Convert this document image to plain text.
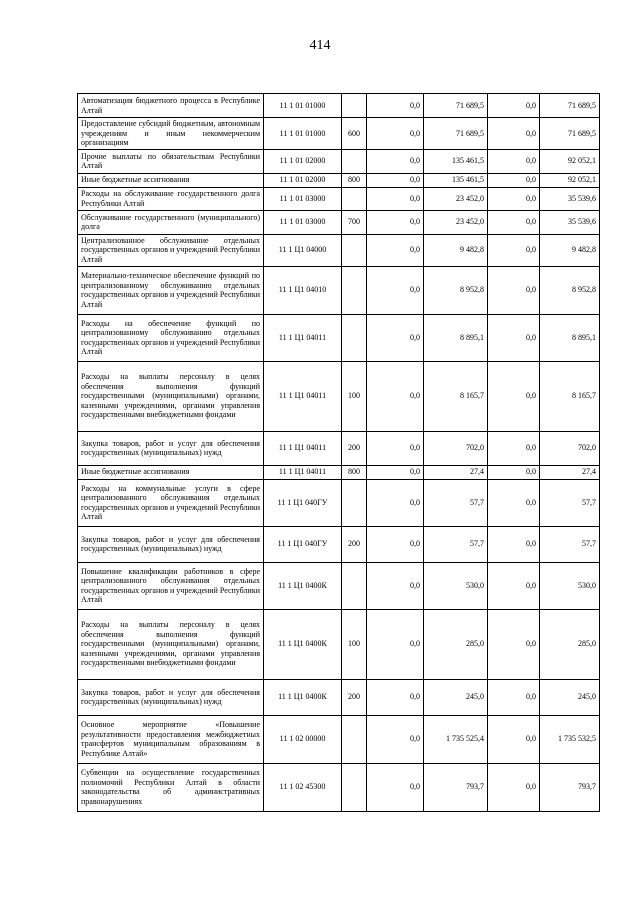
414
Автоматизация бюджетного процесса в Республике Алтай	11 1 01 01000		0,0	71 689,5	0,0	71 689,5
Предоставление субсидий бюджетным, автономным учреждениям и иным некоммерческим организациям	11 1 01 01000	600	0,0	71 689,5	0,0	71 689,5
Прочие выплаты по обязательствам Республики Алтай	11 1 01 02000		0,0	135 461,5	0,0	92 052,1
Иные бюджетные ассигнования	11 1 01 02000	800	0,0	135 461,5	0,0	92 052,1
Расходы на обслуживание государственного долга Республики Алтай	11 1 01 03000		0,0	23 452,0	0,0	35 539,6
Обслуживание государственного (муниципального) долга	11 1 01 03000	700	0,0	23 452,0	0,0	35 539,6
Централизованное обслуживание отдельных государственных органов и учреждений Республики Алтай	11 1 Ц1 04000		0,0	9 482,8	0,0	9 482,8
Материально-техническое обеспечение функций по централизованному обслуживанию отдельных государственных органов и учреждений Республики Алтай	11 1 Ц1 04010		0,0	8 952,8	0,0	8 952,8
Расходы на обеспечение функций по централизованному обслуживанию отдельных государственных органов и учреждений Республики Алтай	11 1 Ц1 04011		0,0	8 895,1	0,0	8 895,1
Расходы на выплаты персоналу в целях обеспечения выполнения функций государственными (муниципальными) органами, казенными учреждениями, органами управления государственными внебюджетными фондами	11 1 Ц1 04011	100	0,0	8 165,7	0,0	8 165,7
Закупка товаров, работ и услуг для обеспечения государственных (муниципальных) нужд	11 1 Ц1 04011	200	0,0	702,0	0,0	702,0
Иные бюджетные ассигнования	11 1 Ц1 04011	800	0,0	27,4	0,0	27,4
Расходы на коммунальные услуги в сфере централизованного обслуживания отдельных государственных органов и учреждений Республики Алтай	11 1 Ц1 040ГУ		0,0	57,7	0,0	57,7
Закупка товаров, работ и услуг для обеспечения государственных (муниципальных) нужд	11 1 Ц1 040ГУ	200	0,0	57,7	0,0	57,7
Повышение квалификации работников в сфере централизованного обслуживания отдельных государственных органов и учреждений Республики Алтай	11 1 Ц1 0400К		0,0	530,0	0,0	530,0
Расходы на выплаты персоналу в целях обеспечения выполнения функций государственными (муниципальными) органами, казенными учреждениями, органами управления государственными внебюджетными фондами	11 1 Ц1 0400К	100	0,0	285,0	0,0	285,0
Закупка товаров, работ и услуг для обеспечения государственных (муниципальных) нужд	11 1 Ц1 0400К	200	0,0	245,0	0,0	245,0
Основное мероприятие «Повышение результативности предоставления межбюджетных трансфертов муниципальным образованиям в Республике Алтай»	11 1 02 00000		0,0	1 735 525,4	0,0	1 735 532,5
Субвенции на осуществление государственных полномочий Республики Алтай в области законодательства об административных правонарушениях	11 1 02 45300		0,0	793,7	0,0	793,7
